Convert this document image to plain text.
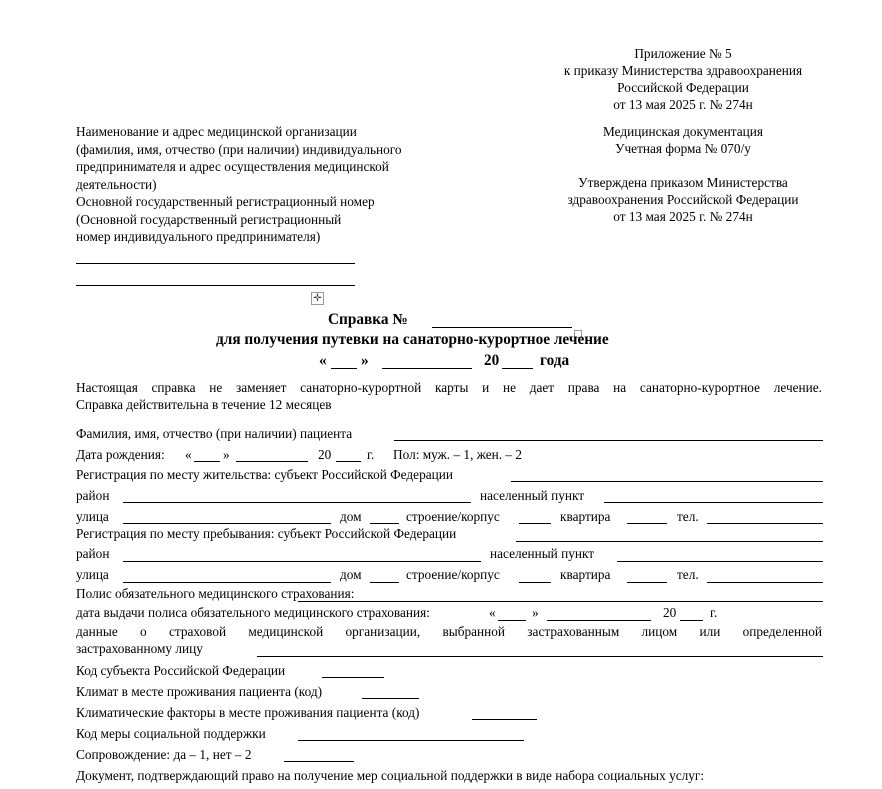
Приложение № 5
к приказу Министерства здравоохранения
Российской Федерации
от 13 мая 2025 г. № 274н
Наименование и адрес медицинской организации
(фамилия, имя, отчество (при наличии) индивидуального
предпринимателя и адрес осуществления медицинской
деятельности)
Основной государственный регистрационный номер
(Основной государственный регистрационный
номер индивидуального предпринимателя)
Медицинская документация
Учетная форма № 070/у
Утверждена приказом Министерства
здравоохранения Российской Федерации
от 13 мая 2025 г. № 274н
✛
Справка №
для получения путевки на санаторно-курортное лечение
« »	20	года
Настоящая справка не заменяет санаторно-курортной карты и не дает права на санаторно-курортное лечение.
Справка действительна в течение 12 месяцев
Фамилия, имя, отчество (при наличии) пациента
Дата рождения: « »	20	г. Пол: муж. – 1, жен. – 2
Регистрация по месту жительства: субъект Российской Федерации
район	населенный пункт
улица	дом	строение/корпус	квартира	тел.
Регистрация по месту пребывания: субъект Российской Федерации
район	населенный пункт
улица	дом	строение/корпус	квартира	тел.
Полис обязательного медицинского страхования:
дата выдачи полиса обязательного медицинского страхования:	«	»	20	г.
данные о страховой медицинской организации, выбранной застрахованным лицом или определенной
застрахованному лицу
Код субъекта Российской Федерации
Климат в месте проживания пациента (код)
Климатические факторы в месте проживания пациента (код)
Код меры социальной поддержки
Сопровождение: да – 1, нет – 2
Документ, подтверждающий право на получение мер социальной поддержки в виде набора социальных услуг:
